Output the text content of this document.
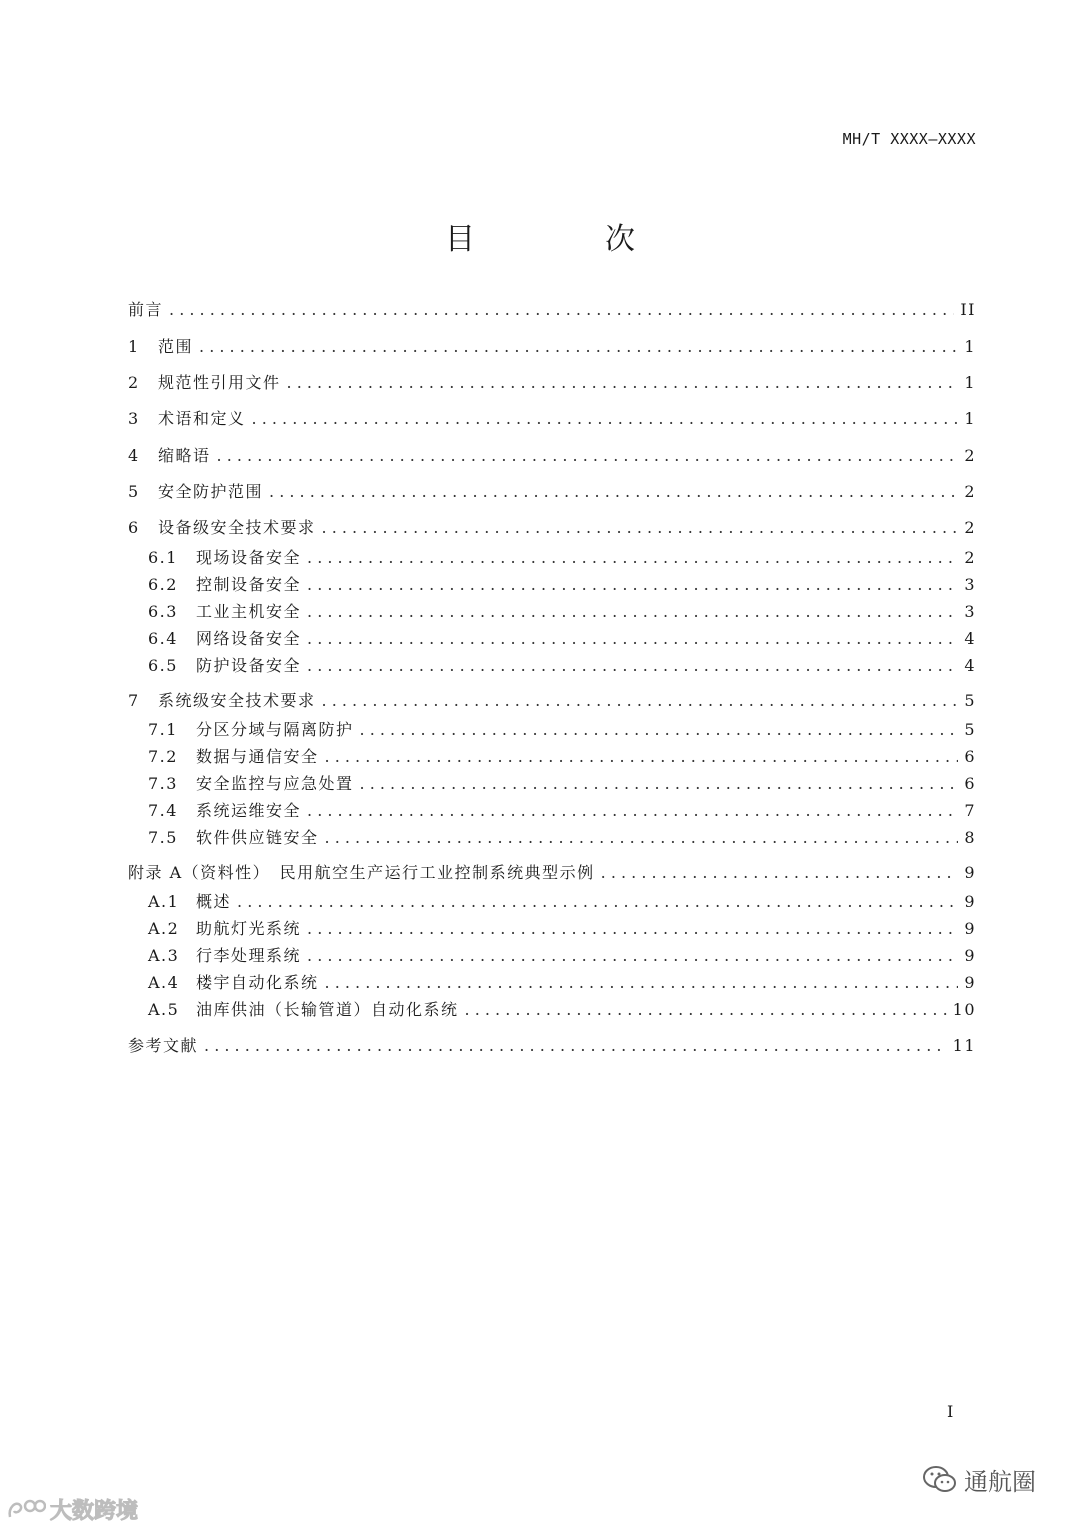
MH/T XXXX—XXXX
目　次
前言 . . .	II
1	范围 . . .	1
2	规范性引用文件 . . .	1
3	术语和定义 . . .	1
4	缩略语 . . .	2
5	安全防护范围 . . .	2
6	设备级安全技术要求 . . .	2
6.1	现场设备安全 . . .	2
6.2	控制设备安全 . . .	3
6.3	工业主机安全 . . .	3
6.4	网络设备安全 . . .	4
6.5	防护设备安全 . . .	4
7	系统级安全技术要求 . . .	5
7.1	分区分域与隔离防护 . . .	5
7.2	数据与通信安全 . . .	6
7.3	安全监控与应急处置 . . .	6
7.4	系统运维安全 . . .	7
7.5	软件供应链安全 . . .	8
附录 A（资料性）　民用航空生产运行工业控制系统典型示例 . . .	9
A.1	概述 . . .	9
A.2	助航灯光系统 . . .	9
A.3	行李处理系统 . . .	9
A.4	楼宇自动化系统 . . .	9
A.5	油库供油（长输管道）自动化系统 . . .	10
参考文献 . . .	11
I
大数跨境
通航圈
